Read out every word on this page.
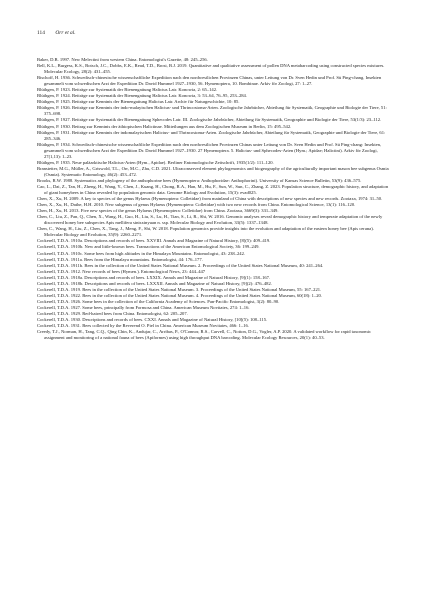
114 Orr et al.

Baker, D.B. 1997. New Melectini from western China. Entomologist's Gazette, 48: 245–256.

Bell, K.L., Burgess, K.S., Botsch, J.C., Dobbs, E.K., Read, T.D., Brosi, B.J. 2019. Quantitative and qualitative assessment of pollen DNA metabarcoding using constructed species mixtures. Molecular Ecology, 28(2): 431–455.

Bischoff, H. 1936. Schwedisch-chinesische wissenschaftliche Expedition nach den nordwestlichen Provinzen Chinas, unter Leitung von Dr. Sven Hedin und Prof. Sü Ping-chang. Insekten gesammelt vom schwedischen Arzt der Expedition Dr. David Hummel 1927–1930, 56. Hymenoptera, 10. Bombinae. Arkiv för Zoologi, 27: 1–27.

Blüthgen, P. 1923. Beiträge zur Systematik der Bienengattung Halictus Latr. Konowia, 2: 65–142.

Blüthgen, P. 1924. Beiträge zur Systematik der Bienengattung Halictus Latr. Konowia, 3: 53–64, 76–95, 253–284.

Blüthgen, P. 1925. Beiträge zur Kenntnis der Bienengattung Halictus Latr. Archiv für Naturgeschichte, 10: 85.

Blüthgen, P. 1926. Beiträge zur Kenntnis der indo-malayischen Halictus- und Thrincostoma-Arten. Zoologische Jahrbücher, Abteilung für Systematik, Geographie und Biologie der Tiere, 51: 375–698.

Blüthgen, P. 1927. Beiträge zur Systematik der Bienengattung Sphecodes Latr. III. Zoologische Jahrbücher, Abteilung für Systematik, Geographie und Biologie der Tiere, 53(1/3): 23–112.

Blüthgen, P. 1930. Beitrag zur Kenntnis der äthiopischen Halictinae. Mitteilungen aus dem Zoologischen Museum in Berlin, 15: 495–542.

Blüthgen, P. 1931. Beiträge zur Kenntnis der indomalayischen Halictus- und Thrincostoma-Arten. Zoologische Jahrbücher, Abteilung für Systematik, Geographie und Biologie der Tiere, 61: 285–346.

Blüthgen, P. 1934. Schwedisch-chinesische wissenschaftliche Expedition nach den nordwestlichen Provinzen Chinas unter Leitung von Dr. Sven Hedin und Prof. Sü Ping-chang: Insekten, gesammelt vom schwedischen Arzt der Expedition Dr. David Hummel 1927–1930. 27 Hymenoptera. 5. Halictus- und Sphecodes-Arten (Hym.; Apidae; Halictini). Arkiv för Zoologi, 27(1,13): 1–23.

Blüthgen, P. 1935. Neue paläarktische Halictus-Arten (Hym., Apidae). Berliner Entomologische Zeitschrift, 1935(1/2): 111–120.

Branstetter, M.G., Müller, A., Griswold, T.L., Orr, M.C., Zhu, C.D. 2021. Ultraconserved element phylogenomics and biogeography of the agriculturally important mason bee subgenus Osmia (Osmia). Systematic Entomology, 46(2): 453–472.

Brooks, R.W. 1988. Systematics and phylogeny of the anthophorine bees (Hymenoptera: Anthophoridae: Anthophorini). University of Kansas Science Bulletin, 53(9): 436–575.

Cao, L., Dai, Z., Tan, H., Zheng, H., Wang, Y., Chen, J., Kuang, H., Chong, R.A., Han, M., Hu, F., Sun, W., Sun, C., Zhang, Z. 2023. Population structure, demographic history, and adaptation of giant honeybees in China revealed by population genomic data. Genome Biology and Evolution, 15(3): evad025.

Chen, X., Xu, H. 2009. A key to species of the genus Hylaeus (Hymenoptera: Colletidae) from mainland of China with descriptions of new species and new records. Zootaxa, 1974: 31–50.

Chen, X., Xu, H., Dathe, H.H. 2010. New subgenus of genus Hylaeus (Hymenoptera: Colletidae) with two new records from China. Entomological Science, 13(1): 116–120.

Chen, H., Xu, H. 2013. Five new species of the genus Hylaeus (Hymenoptera: Colletidae) from China. Zootaxa, 3669(3): 331–349.

Chen, C., Liu, Z., Pan, Q., Chen, X., Wang, H., Guo, H., Liu, S., Lu, H., Tian, S., Li, R., Shi, W. 2016. Genomic analyses reveal demographic history and temperate adaptation of the newly discovered honey bee subspecies Apis mellifera sinisxinyuan n. ssp. Molecular Biology and Evolution, 33(5): 1337–1348.

Chen, C., Wang, H., Liu, Z., Chen, X., Tang, J., Meng, F., Shi, W. 2018. Population genomics provide insights into the evolution and adaptation of the eastern honey bee (Apis cerana). Molecular Biology and Evolution, 35(9): 2260–2271.

Cockerell, T.D.A. 1910a. Descriptions and records of bees. XXVIII. Annals and Magazine of Natural History, [8](5): 409–419.

Cockerell, T.D.A. 1910b. New and little-known bees. Transactions of the American Entomological Society, 36: 199–249.

Cockerell, T.D.A. 1910c. Some bees from high altitudes in the Himalaya Mountains. Entomologist, 43: 238–242.

Cockerell, T.D.A. 1911a. Bees from the Himalaya mountains. Entomologist, 44: 176–177.

Cockerell, T.D.A. 1911b. Bees in the collection of the United States National Museum. 2. Proceedings of the United States National Museum, 40: 241–264.

Cockerell, T.D.A. 1912. New records of bees (Hymen.). Entomological News, 23: 444–447

Cockerell, T.D.A. 1918a. Descriptions and records of bees. LXXIX. Annals and Magazine of Natural History, [9](1): 158–167.

Cockerell, T.D.A. 1918b. Descriptions and records of bees. LXXXII. Annals and Magazine of Natural History, [9](2): 476–482.

Cockerell, T.D.A. 1919. Bees in the collection of the United States National Museum. 3. Proceedings of the United States National Museum, 55: 167–221.

Cockerell, T.D.A. 1922. Bees in the collection of the United States National Museum. 4. Proceedings of the United States National Museum, 60(18): 1–20.

Cockerell, T.D.A. 1926. Some bees in the collection of the California Academy of Sciences. Pan-Pacific Entomologist, 3(2): 80–90.

Cockerell, T.D.A. 1927. Some bees, principally from Formosa and China. American Museum Novitates, 274: 1–16.

Cockerell, T.D.A. 1929. Red-haired bees from China. Entomologist, 62: 205–207.

Cockerell, T.D.A. 1930. Descriptions and records of bees. CXXI. Annals and Magazine of Natural History, [10](5): 108–115.

Cockerell, T.D.A. 1931. Bees collected by the Reverend O. Piel in China. American Museum Novitates, 466: 1–16.

Creedy, T.J., Norman, H., Tang, C.Q., Qing Chin, K., Andujar, C., Arribas, P., O'Connor, R.S., Carvell, C., Notton, D.G., Vogler, A.P. 2020. A validated workflow for rapid taxonomic assignment and monitoring of a national fauna of bees (Apiformes) using high throughput DNA barcoding. Molecular Ecology Resources, 20(1): 40–53.
